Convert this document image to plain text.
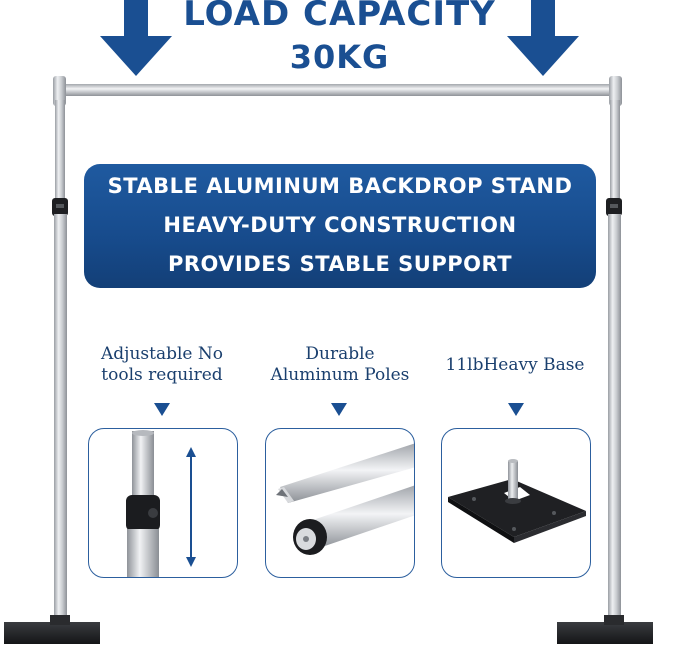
LOAD CAPACITY
30KG
STABLE ALUMINUM BACKDROP STAND
HEAVY-DUTY CONSTRUCTION
PROVIDES STABLE SUPPORT
Adjustable No
tools required
Durable
Aluminum Poles	11lbHeavy Base
